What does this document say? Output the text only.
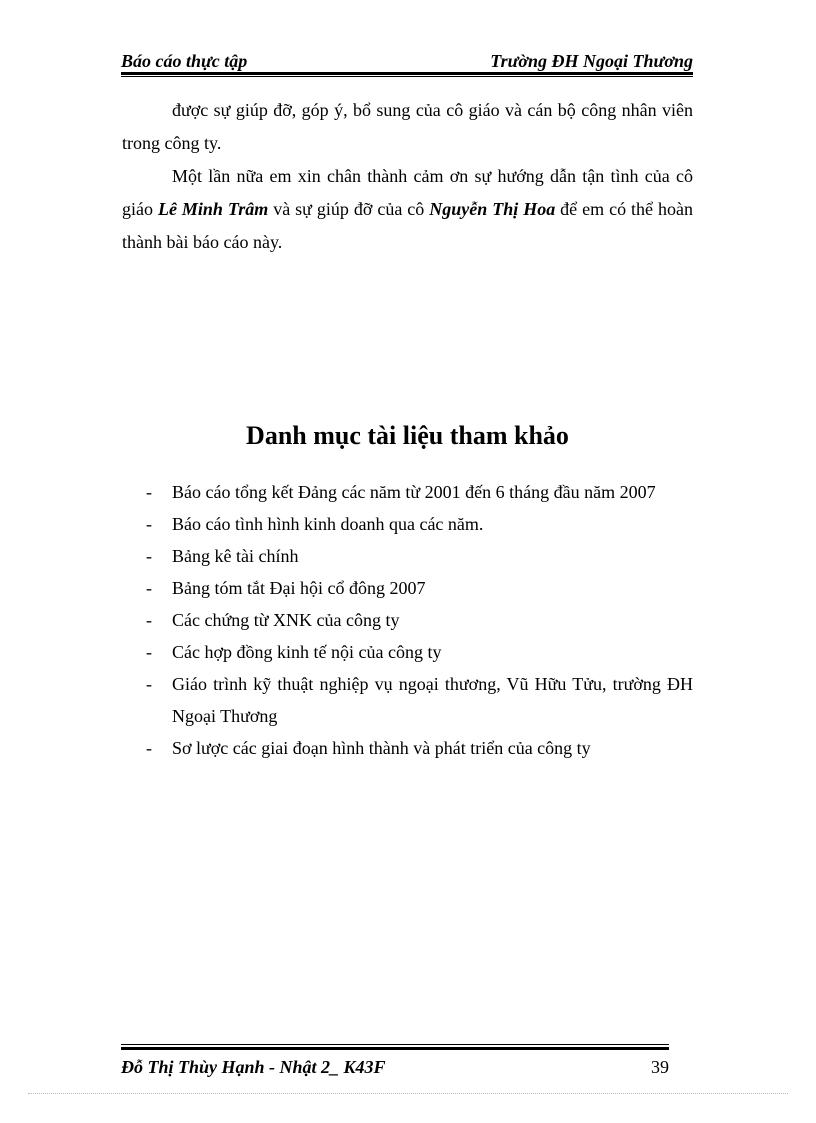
Báo cáo thực tập	Trường ĐH Ngoại Thương

được sự giúp đỡ, góp ý, bổ sung của cô giáo và cán bộ công nhân viên trong công ty.

Một lần nữa em xin chân thành cảm ơn sự hướng dẫn tận tình của cô giáo Lê Minh Trâm và sự giúp đỡ của cô Nguyễn Thị Hoa để em có thể hoàn thành bài báo cáo này.

Danh mục tài liệu tham khảo
- Báo cáo tổng kết Đảng các năm từ 2001 đến 6 tháng đầu năm 2007
- Báo cáo tình hình kinh doanh qua các năm.
- Bảng kê tài chính
- Bảng tóm tắt Đại hội cổ đông 2007
- Các chứng từ XNK của công ty
- Các hợp đồng kinh tế nội của công ty
- Giáo trình kỹ thuật nghiệp vụ ngoại thương, Vũ Hữu Tửu, trường ĐH Ngoại Thương
- Sơ lược các giai đoạn hình thành và phát triển của công ty
Đỗ Thị Thùy Hạnh - Nhật 2_ K43F	39
